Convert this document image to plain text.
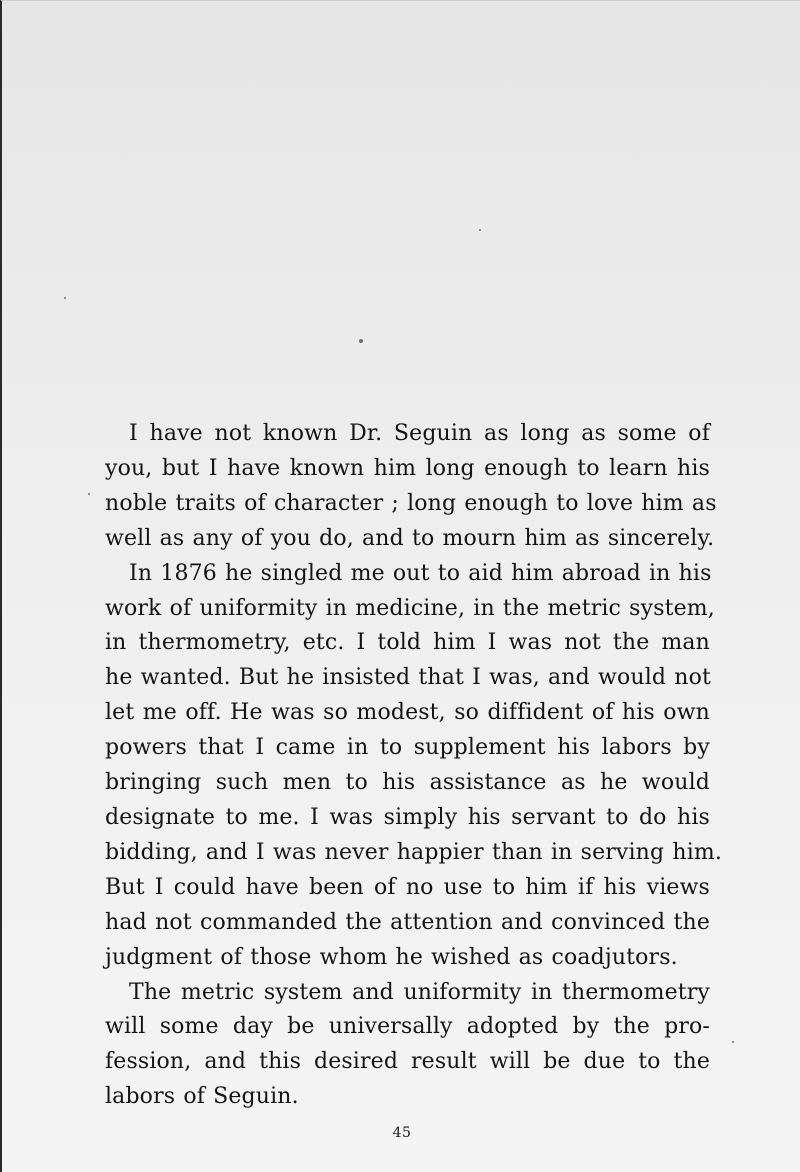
I have not known Dr. Seguin as long as some of
you, but I have known him long enough to learn his
noble traits of character ; long enough to love him as
well as any of you do, and to mourn him as sincerely.

In 1876 he singled me out to aid him abroad in his
work of uniformity in medicine, in the metric system,
in thermometry, etc. I told him I was not the man
he wanted. But he insisted that I was, and would not
let me off. He was so modest, so diffident of his own
powers that I came in to supplement his labors by
bringing such men to his assistance as he would
designate to me. I was simply his servant to do his
bidding, and I was never happier than in serving him.
But I could have been of no use to him if his views
had not commanded the attention and convinced the
judgment of those whom he wished as coadjutors.

The metric system and uniformity in thermometry
will some day be universally adopted by the pro-
fession, and this desired result will be due to the
labors of Seguin.

45
